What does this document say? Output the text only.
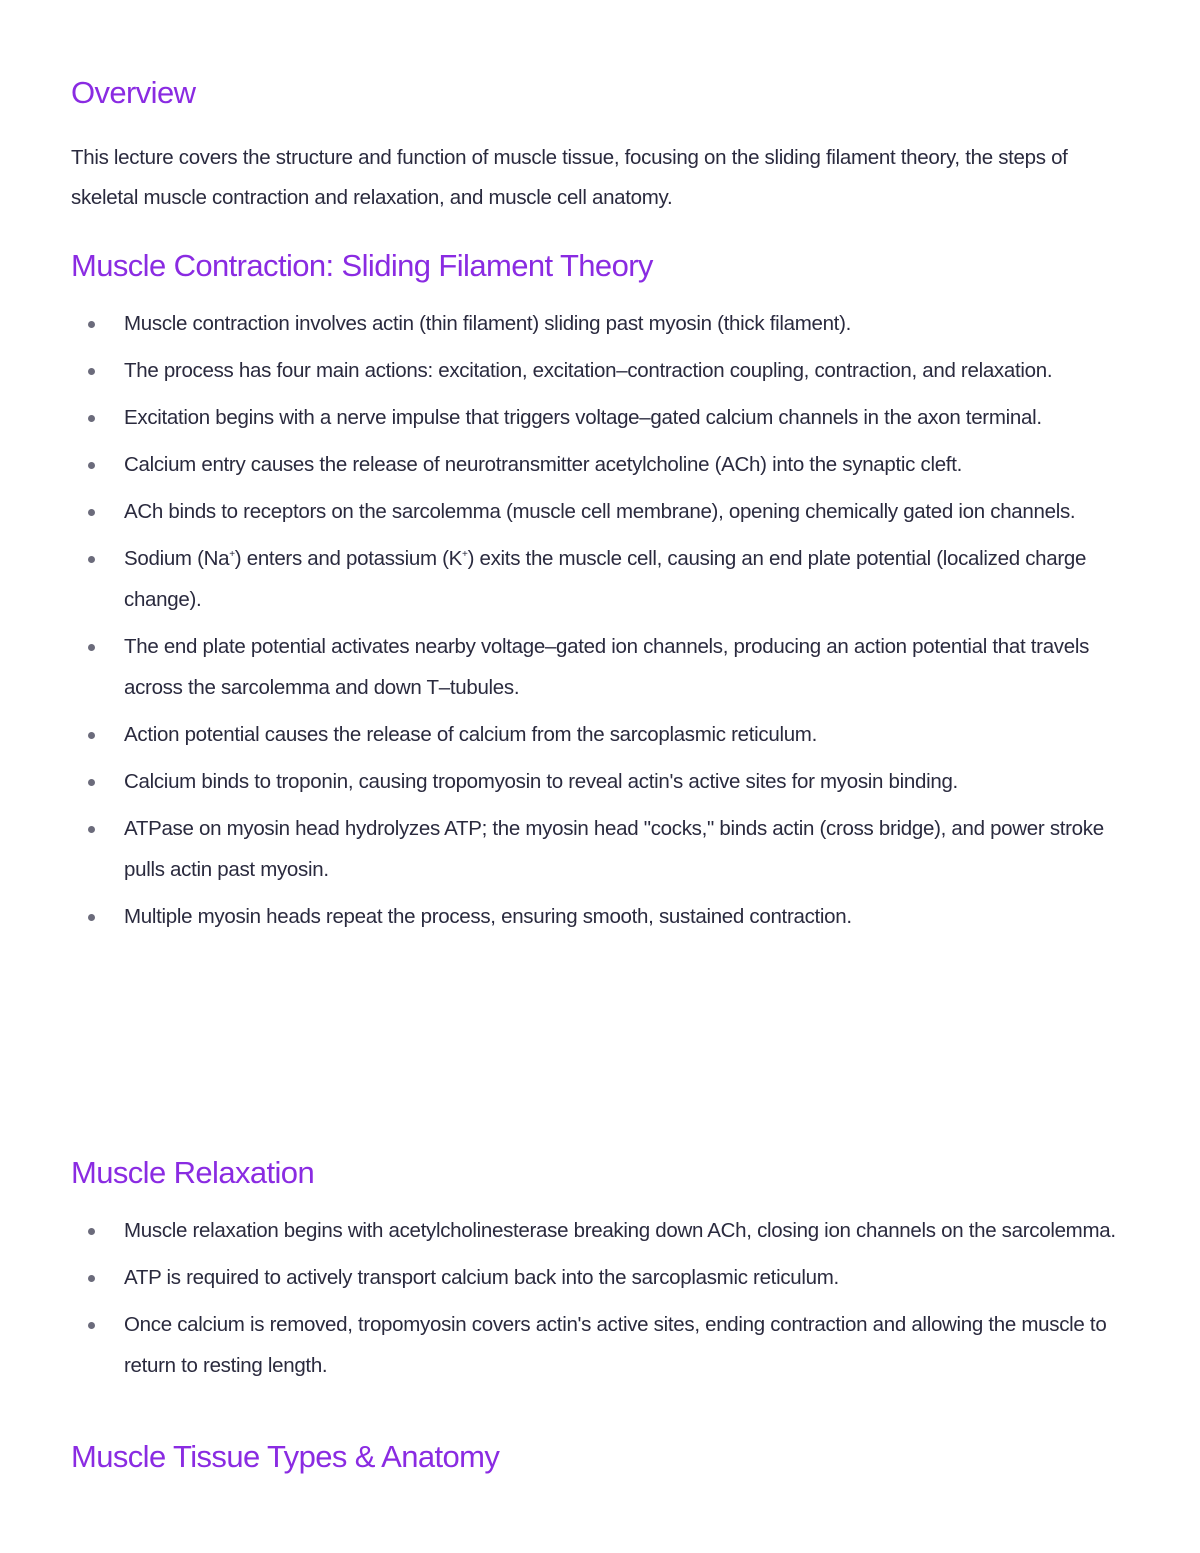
Overview

This lecture covers the structure and function of muscle tissue, focusing on the sliding filament theory, the steps of skeletal muscle contraction and relaxation, and muscle cell anatomy.

Muscle Contraction: Sliding Filament Theory
Muscle contraction involves actin (thin filament) sliding past myosin (thick filament).
The process has four main actions: excitation, excitation–contraction coupling, contraction, and relaxation.
Excitation begins with a nerve impulse that triggers voltage–gated calcium channels in the axon terminal.
Calcium entry causes the release of neurotransmitter acetylcholine (ACh) into the synaptic cleft.
ACh binds to receptors on the sarcolemma (muscle cell membrane), opening chemically gated ion channels.
Sodium (Na+) enters and potassium (K+) exits the muscle cell, causing an end plate potential (localized charge change).
The end plate potential activates nearby voltage–gated ion channels, producing an action potential that travels across the sarcolemma and down T–tubules.
Action potential causes the release of calcium from the sarcoplasmic reticulum.
Calcium binds to troponin, causing tropomyosin to reveal actin's active sites for myosin binding.
ATPase on myosin head hydrolyzes ATP; the myosin head "cocks," binds actin (cross bridge), and power stroke pulls actin past myosin.
Multiple myosin heads repeat the process, ensuring smooth, sustained contraction.
Muscle Relaxation
Muscle relaxation begins with acetylcholinesterase breaking down ACh, closing ion channels on the sarcolemma.
ATP is required to actively transport calcium back into the sarcoplasmic reticulum.
Once calcium is removed, tropomyosin covers actin's active sites, ending contraction and allowing the muscle to return to resting length.
Muscle Tissue Types & Anatomy
